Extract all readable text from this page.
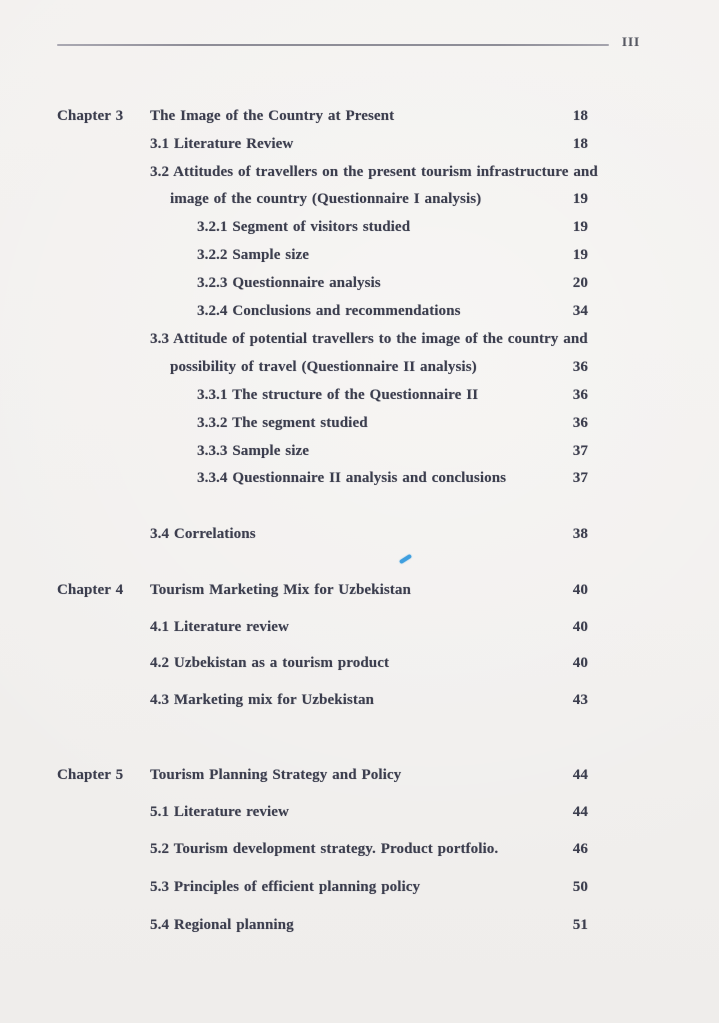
III
Chapter 3 The Image of the Country at Present	18
3.1 Literature Review	18
3.2 Attitudes of travellers on the present tourism infrastructure and
image of the country (Questionnaire I analysis)	19
3.2.1 Segment of visitors studied	19
3.2.2 Sample size	19
3.2.3 Questionnaire analysis	20
3.2.4 Conclusions and recommendations	34
3.3 Attitude of potential travellers to the image of the country and
possibility of travel (Questionnaire II analysis)	36
3.3.1 The structure of the Questionnaire II	36
3.3.2 The segment studied	36
3.3.3 Sample size	37
3.3.4 Questionnaire II analysis and conclusions	37
3.4 Correlations	38
Chapter 4 Tourism Marketing Mix for Uzbekistan	40
4.1 Literature review	40
4.2 Uzbekistan as a tourism product	40
4.3 Marketing mix for Uzbekistan	43
Chapter 5 Tourism Planning Strategy and Policy	44
5.1 Literature review	44
5.2 Tourism development strategy. Product portfolio.	46
5.3 Principles of efficient planning policy	50
5.4 Regional planning	51
